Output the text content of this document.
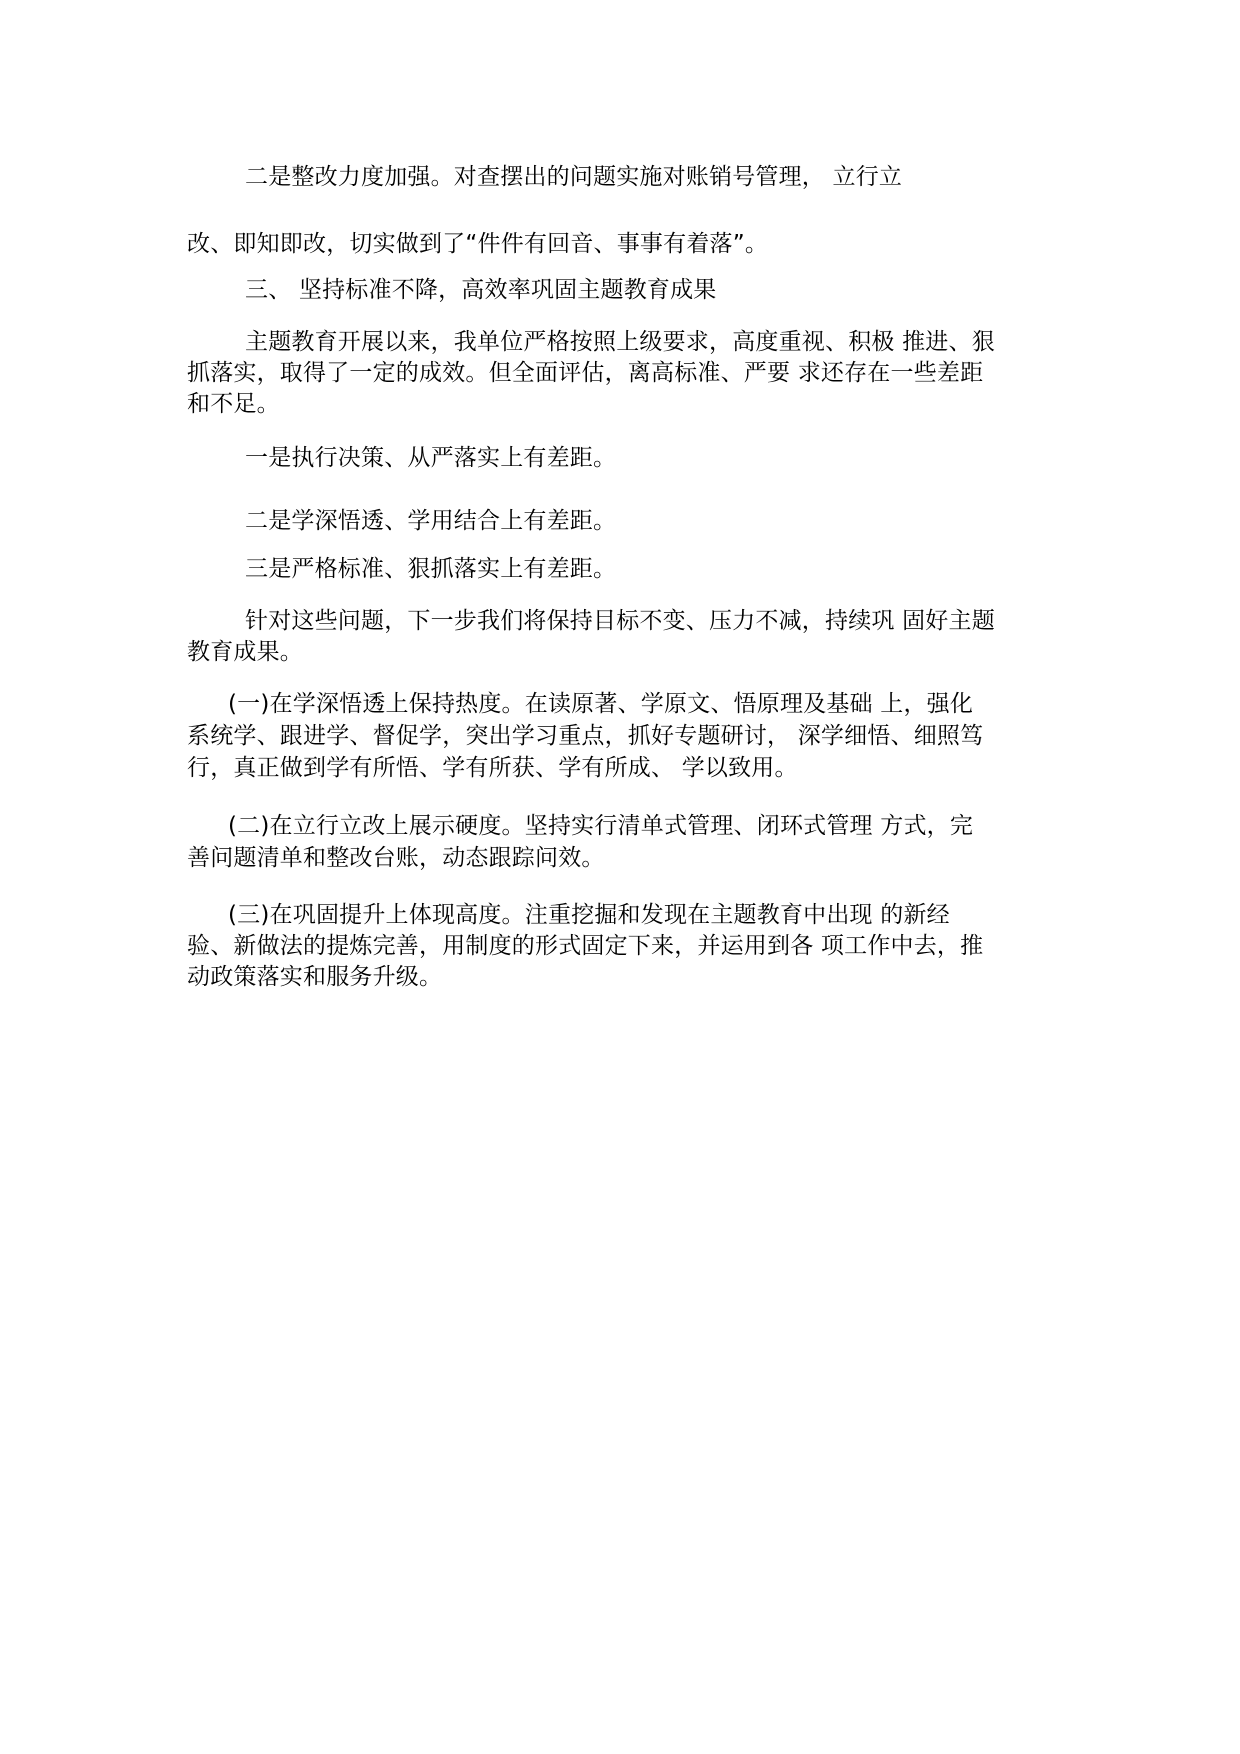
二是整改力度加强。对查摆出的问题实施对账销号管理， 立行立
改、即知即改，切实做到了“件件有回音、事事有着落”。
三、 坚持标准不降，高效率巩固主题教育成果
主题教育开展以来，我单位严格按照上级要求，高度重视、积极 推进、狠
抓落实，取得了一定的成效。但全面评估，离高标准、严要 求还存在一些差距
和不足。
一是执行决策、从严落实上有差距。
二是学深悟透、学用结合上有差距。
三是严格标准、狠抓落实上有差距。
针对这些问题，下一步我们将保持目标不变、压力不减，持续巩 固好主题
教育成果。
(一)在学深悟透上保持热度。在读原著、学原文、悟原理及基础 上，强化
系统学、跟进学、督促学，突出学习重点，抓好专题研讨， 深学细悟、细照笃
行，真正做到学有所悟、学有所获、学有所成、 学以致用。
(二)在立行立改上展示硬度。坚持实行清单式管理、闭环式管理 方式，完
善问题清单和整改台账，动态跟踪问效。
(三)在巩固提升上体现高度。注重挖掘和发现在主题教育中出现 的新经
验、新做法的提炼完善，用制度的形式固定下来，并运用到各 项工作中去，推
动政策落实和服务升级。
